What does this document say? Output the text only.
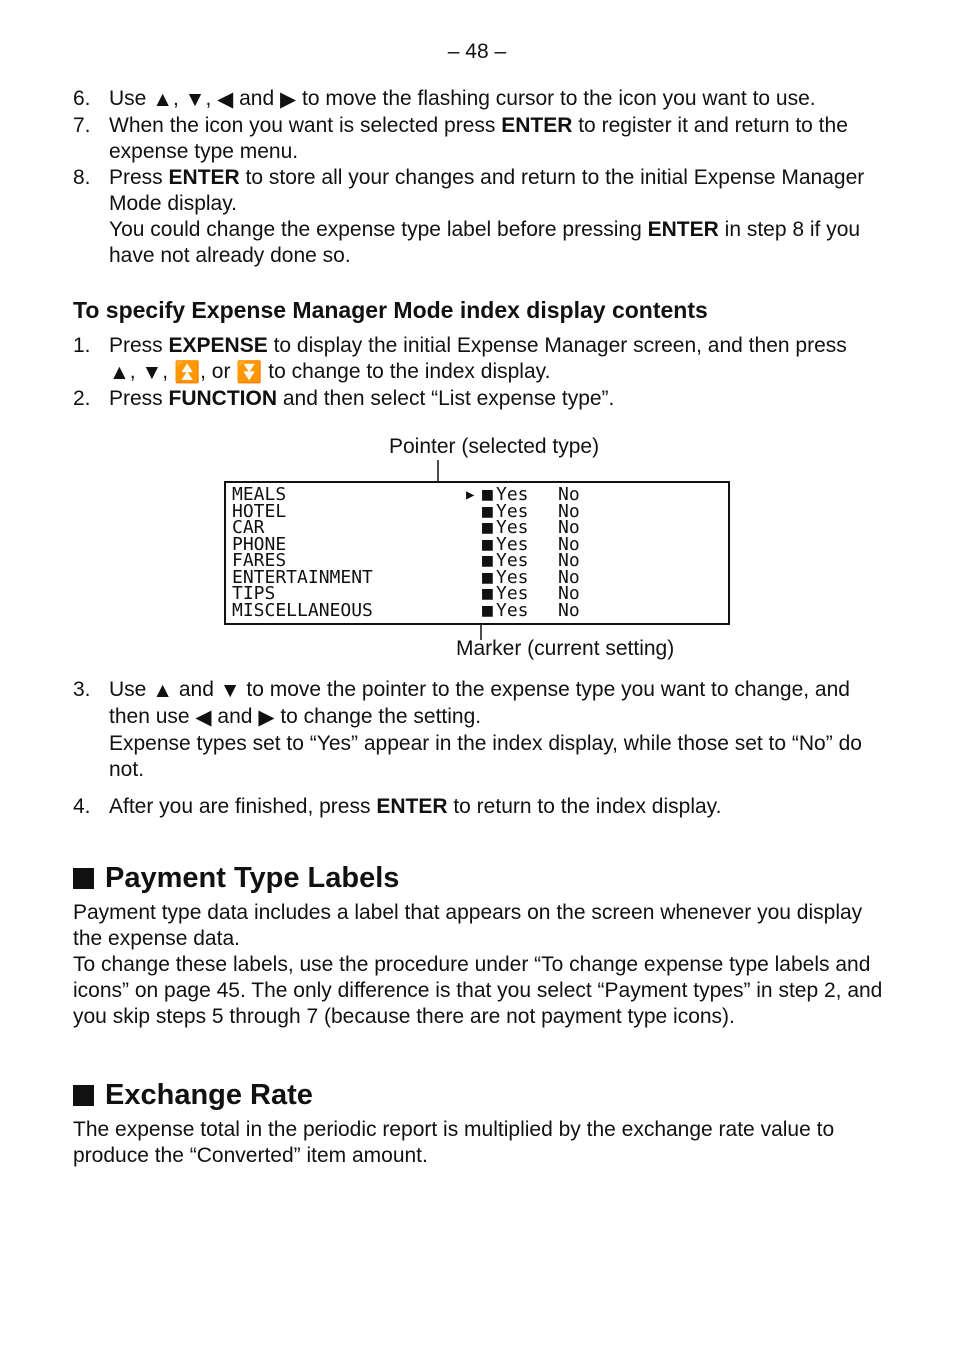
– 48 –
6. Use ▲, ▼, ◀ and ▶ to move the flashing cursor to the icon you want to use.
7. When the icon you want is selected press ENTER to register it and return to the expense type menu.
8. Press ENTER to store all your changes and return to the initial Expense Manager Mode display.
You could change the expense type label before pressing ENTER in step 8 if you have not already done so.
To specify Expense Manager Mode index display contents
1. Press EXPENSE to display the initial Expense Manager screen, and then press
▲, ▼, ⏫, or ⏬ to change to the index display.
2. Press FUNCTION and then select “List expense type”.
Pointer (selected type)
Marker (current setting)
MEALS	▶ ■ Yes No
HOTEL	■ Yes No
CAR	■ Yes No
PHONE	■ Yes No
FARES	■ Yes No
ENTERTAINMENT	■ Yes No
TIPS	■ Yes No
MISCELLANEOUS	■ Yes No
3. Use ▲ and ▼ to move the pointer to the expense type you want to change, and then use ◀ and ▶ to change the setting.
Expense types set to “Yes” appear in the index display, while those set to “No” do not.
4. After you are finished, press ENTER to return to the index display.
Payment Type Labels

Payment type data includes a label that appears on the screen whenever you display the expense data.

To change these labels, use the procedure under “To change expense type labels and icons” on page 45. The only difference is that you select “Payment types” in step 2, and you skip steps 5 through 7 (because there are not payment type icons).

Exchange Rate

The expense total in the periodic report is multiplied by the exchange rate value to produce the “Converted” item amount.
